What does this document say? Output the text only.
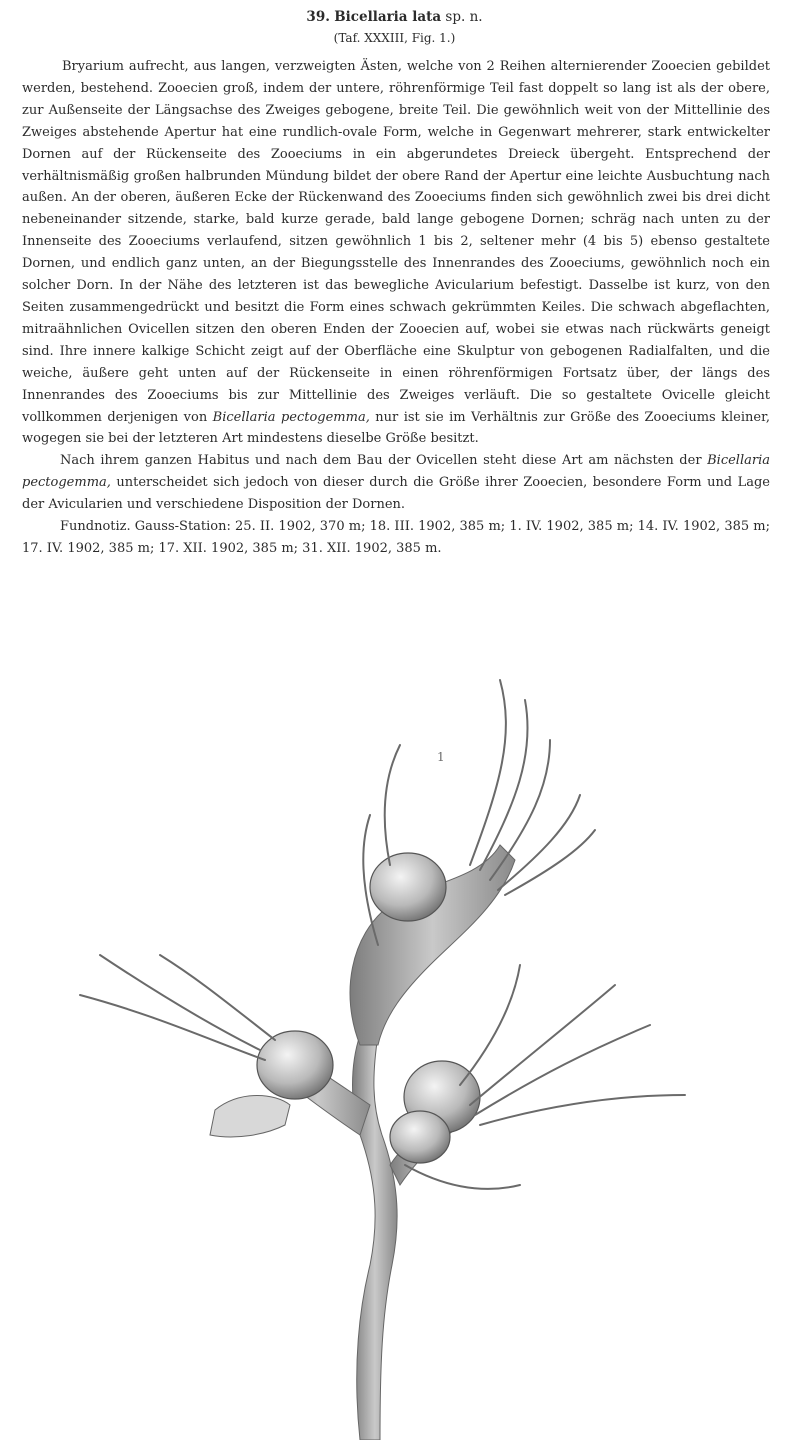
39. Bicellaria lata sp. n.
(Taf. XXXIII, Fig. 1.)

Bryarium aufrecht, aus langen, verzweigten Ästen, welche von 2 Reihen alternierender Zooecien gebildet werden, bestehend. Zooecien groß, indem der untere, röhrenförmige Teil fast doppelt so lang ist als der obere, zur Außenseite der Längsachse des Zweiges gebogene, breite Teil. Die gewöhnlich weit von der Mittellinie des Zweiges abstehende Apertur hat eine rundlich-ovale Form, welche in Gegenwart mehrerer, stark entwickelter Dornen auf der Rückenseite des Zooeciums in ein abgerundetes Dreieck übergeht. Entsprechend der verhältnismäßig großen halbrunden Mündung bildet der obere Rand der Apertur eine leichte Ausbuchtung nach außen. An der oberen, äußeren Ecke der Rückenwand des Zooeciums finden sich gewöhnlich zwei bis drei dicht nebeneinander sitzende, starke, bald kurze gerade, bald lange gebogene Dornen; schräg nach unten zu der Innenseite des Zooeciums verlaufend, sitzen gewöhnlich 1 bis 2, seltener mehr (4 bis 5) ebenso gestaltete Dornen, und endlich ganz unten, an der Biegungsstelle des Innenrandes des Zooeciums, gewöhnlich noch ein solcher Dorn. In der Nähe des letzteren ist das bewegliche Avicularium befestigt. Dasselbe ist kurz, von den Seiten zusammengedrückt und besitzt die Form eines schwach gekrümmten Keiles. Die schwach abgeflachten, mitraähnlichen Ovicellen sitzen den oberen Enden der Zooecien auf, wobei sie etwas nach rückwärts geneigt sind. Ihre innere kalkige Schicht zeigt auf der Oberfläche eine Skulptur von gebogenen Radialfalten, und die weiche, äußere geht unten auf der Rückenseite in einen röhrenförmigen Fortsatz über, der längs des Innenrandes des Zooeciums bis zur Mittellinie des Zweiges verläuft. Die so gestaltete Ovicelle gleicht vollkommen derjenigen von Bicellaria pectogemma, nur ist sie im Verhältnis zur Größe des Zooeciums kleiner, wogegen sie bei der letzteren Art mindestens dieselbe Größe besitzt.

Nach ihrem ganzen Habitus und nach dem Bau der Ovicellen steht diese Art am nächsten der Bicellaria pectogemma, unterscheidet sich jedoch von dieser durch die Größe ihrer Zooecien, besondere Form und Lage der Avicularien und verschiedene Disposition der Dornen.

Fundnotiz. Gauss-Station: 25. II. 1902, 370 m; 18. III. 1902, 385 m; 1. IV. 1902, 385 m; 14. IV. 1902, 385 m; 17. IV. 1902, 385 m; 17. XII. 1902, 385 m; 31. XII. 1902, 385 m.

1
